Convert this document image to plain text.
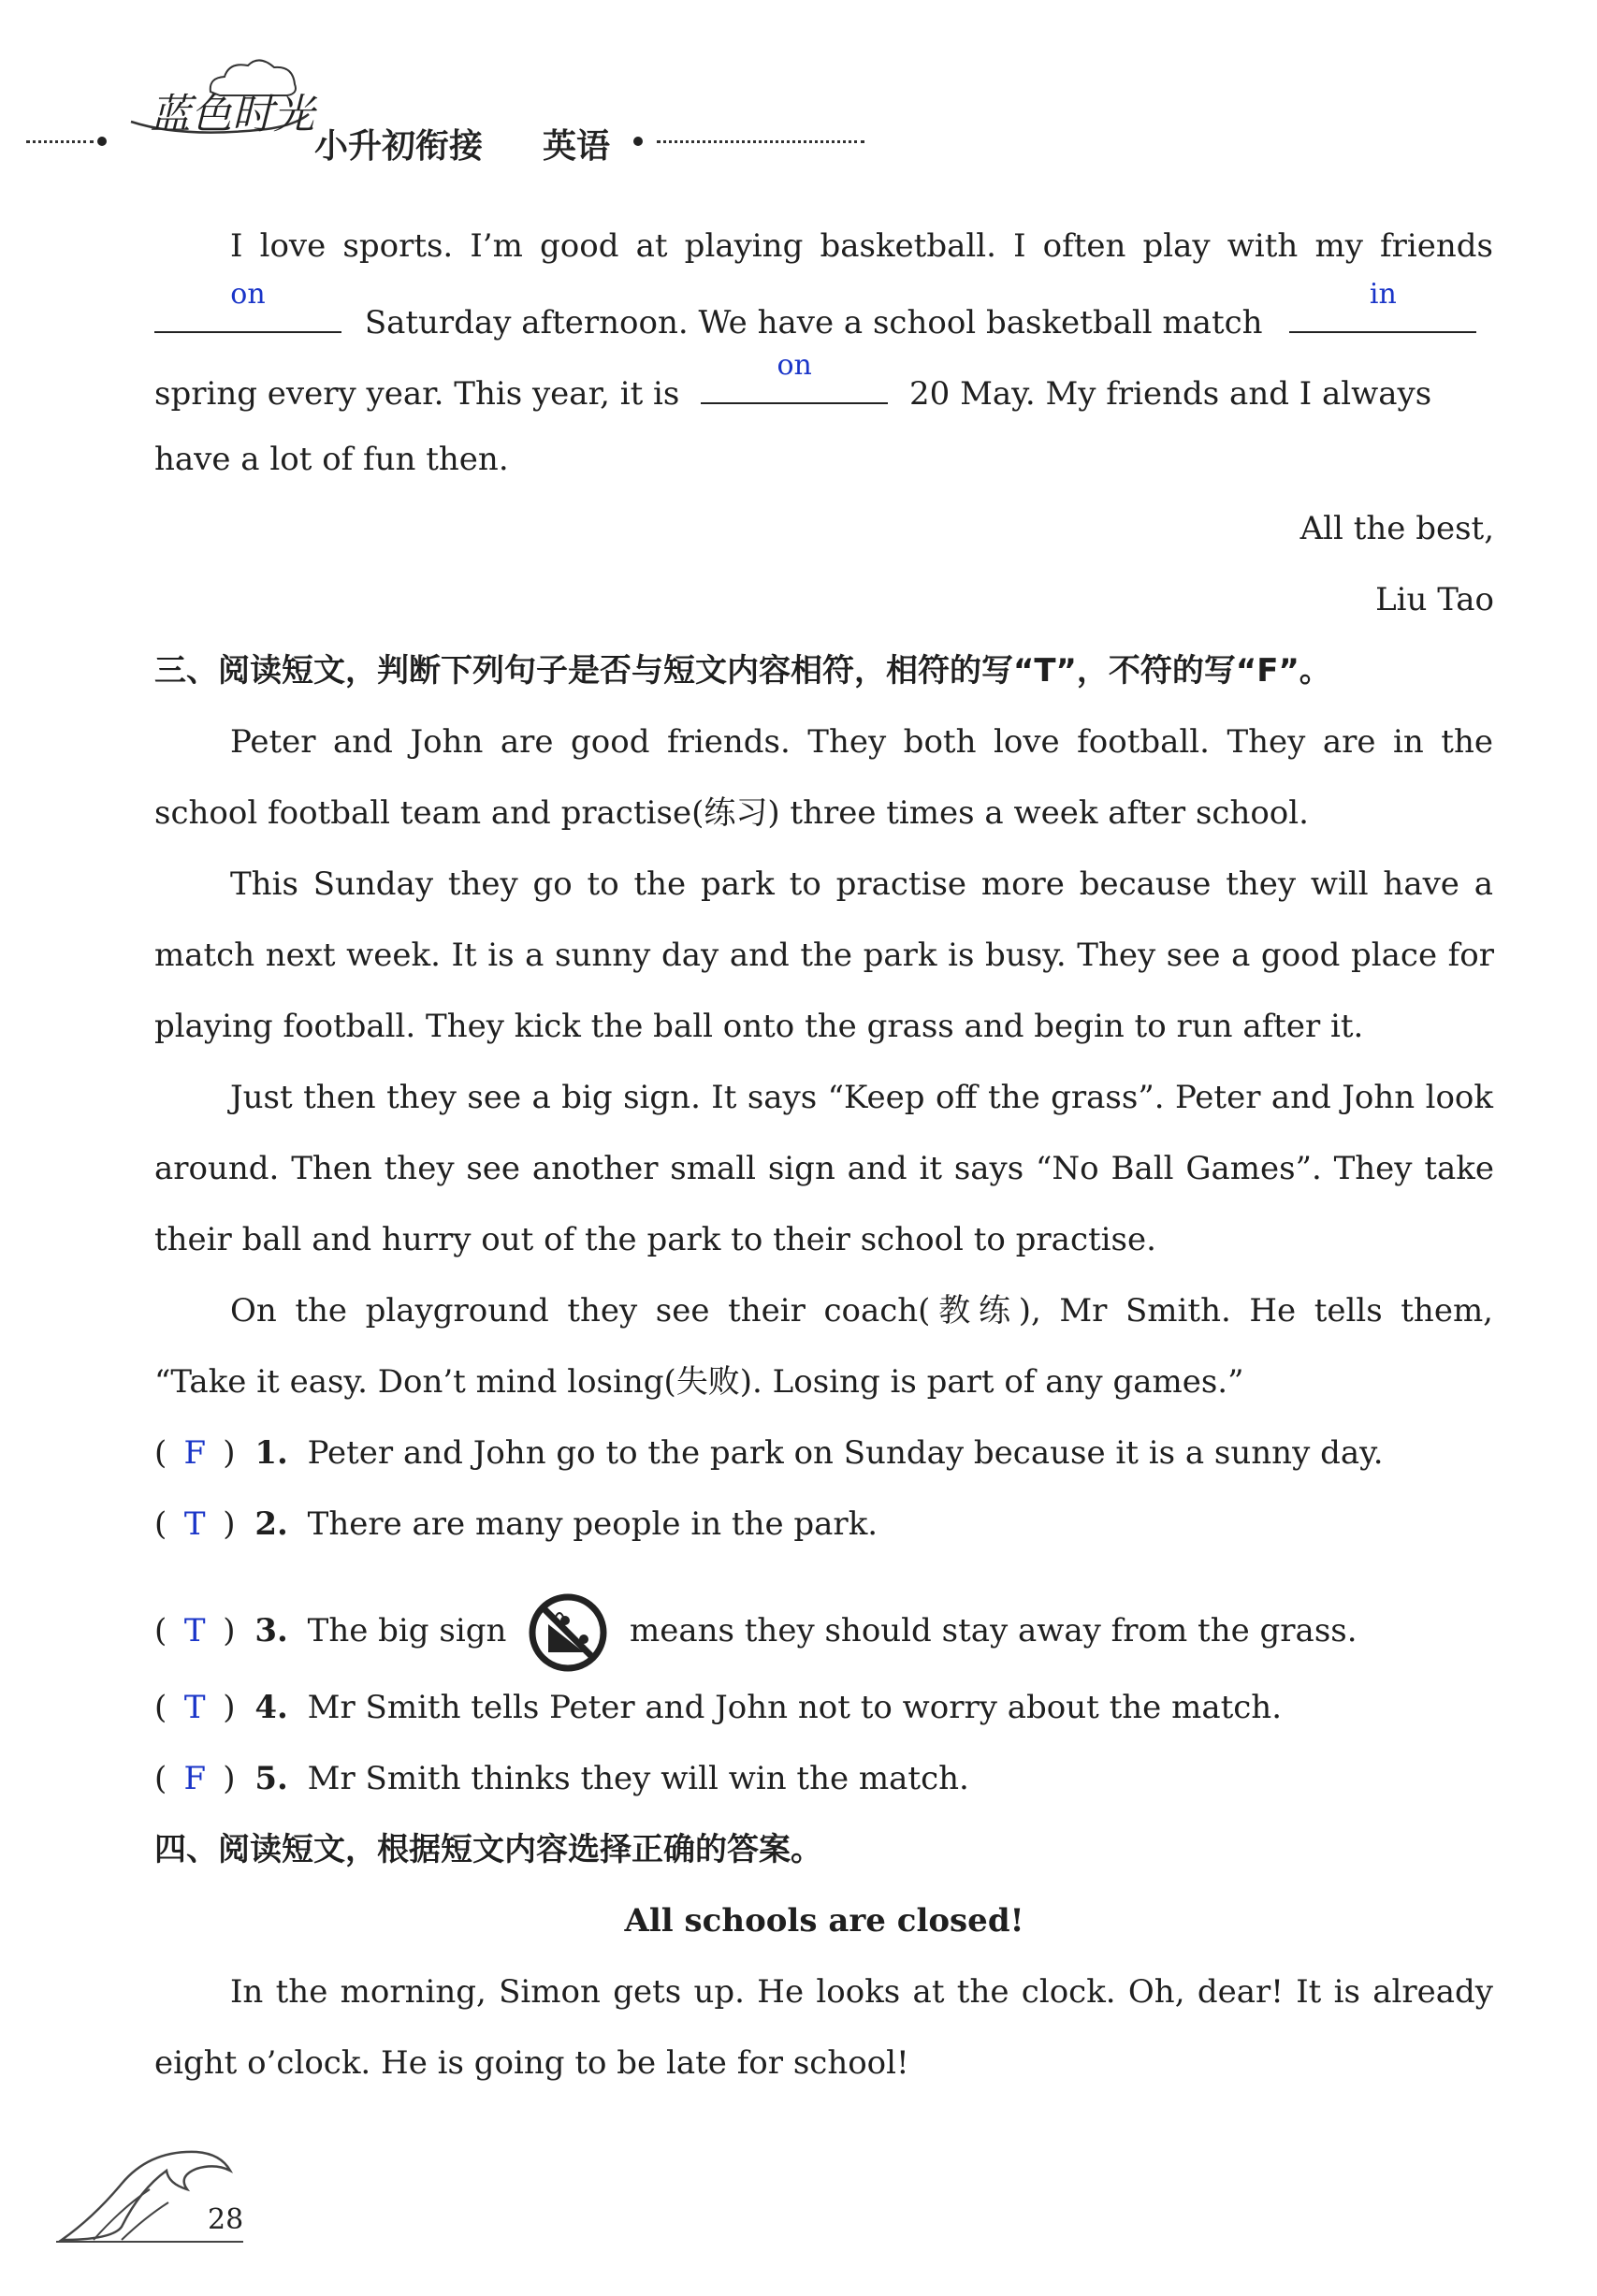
蓝色时光
小升初衔接 英语
I love sports. I’m good at playing basketball. I often play with my friends
on
Saturday afternoon. We have a school basketball match
in
spring every year. This year, it is
on
20 May. My friends and I always
have a lot of fun then.
All the best,
Liu Tao
三、阅读短文，判断下列句子是否与短文内容相符，相符的写“T”，不符的写“F”。
Peter and John are good friends. They both love football. They are in the
school football team and practise(练习) three times a week after school.
This Sunday they go to the park to practise more because they will have a
match next week. It is a sunny day and the park is busy. They see a good place for
playing football. They kick the ball onto the grass and begin to run after it.
Just then they see a big sign. It says “Keep off the grass”. Peter and John look
around. Then they see another small sign and it says “No Ball Games”. They take
their ball and hurry out of the park to their school to practise.
On the playground they see their coach(教练), Mr Smith. He tells them,
“Take it easy. Don’t mind losing(失败). Losing is part of any games.”
( F ) 1. Peter and John go to the park on Sunday because it is a sunny day.
( T ) 2. There are many people in the park.
( T ) 3. The big sign	means they should stay away from the grass.
( T ) 4. Mr Smith tells Peter and John not to worry about the match.
( F ) 5. Mr Smith thinks they will win the match.
四、阅读短文，根据短文内容选择正确的答案。
All schools are closed!
In the morning, Simon gets up. He looks at the clock. Oh, dear! It is already
eight o’clock. He is going to be late for school!
28
